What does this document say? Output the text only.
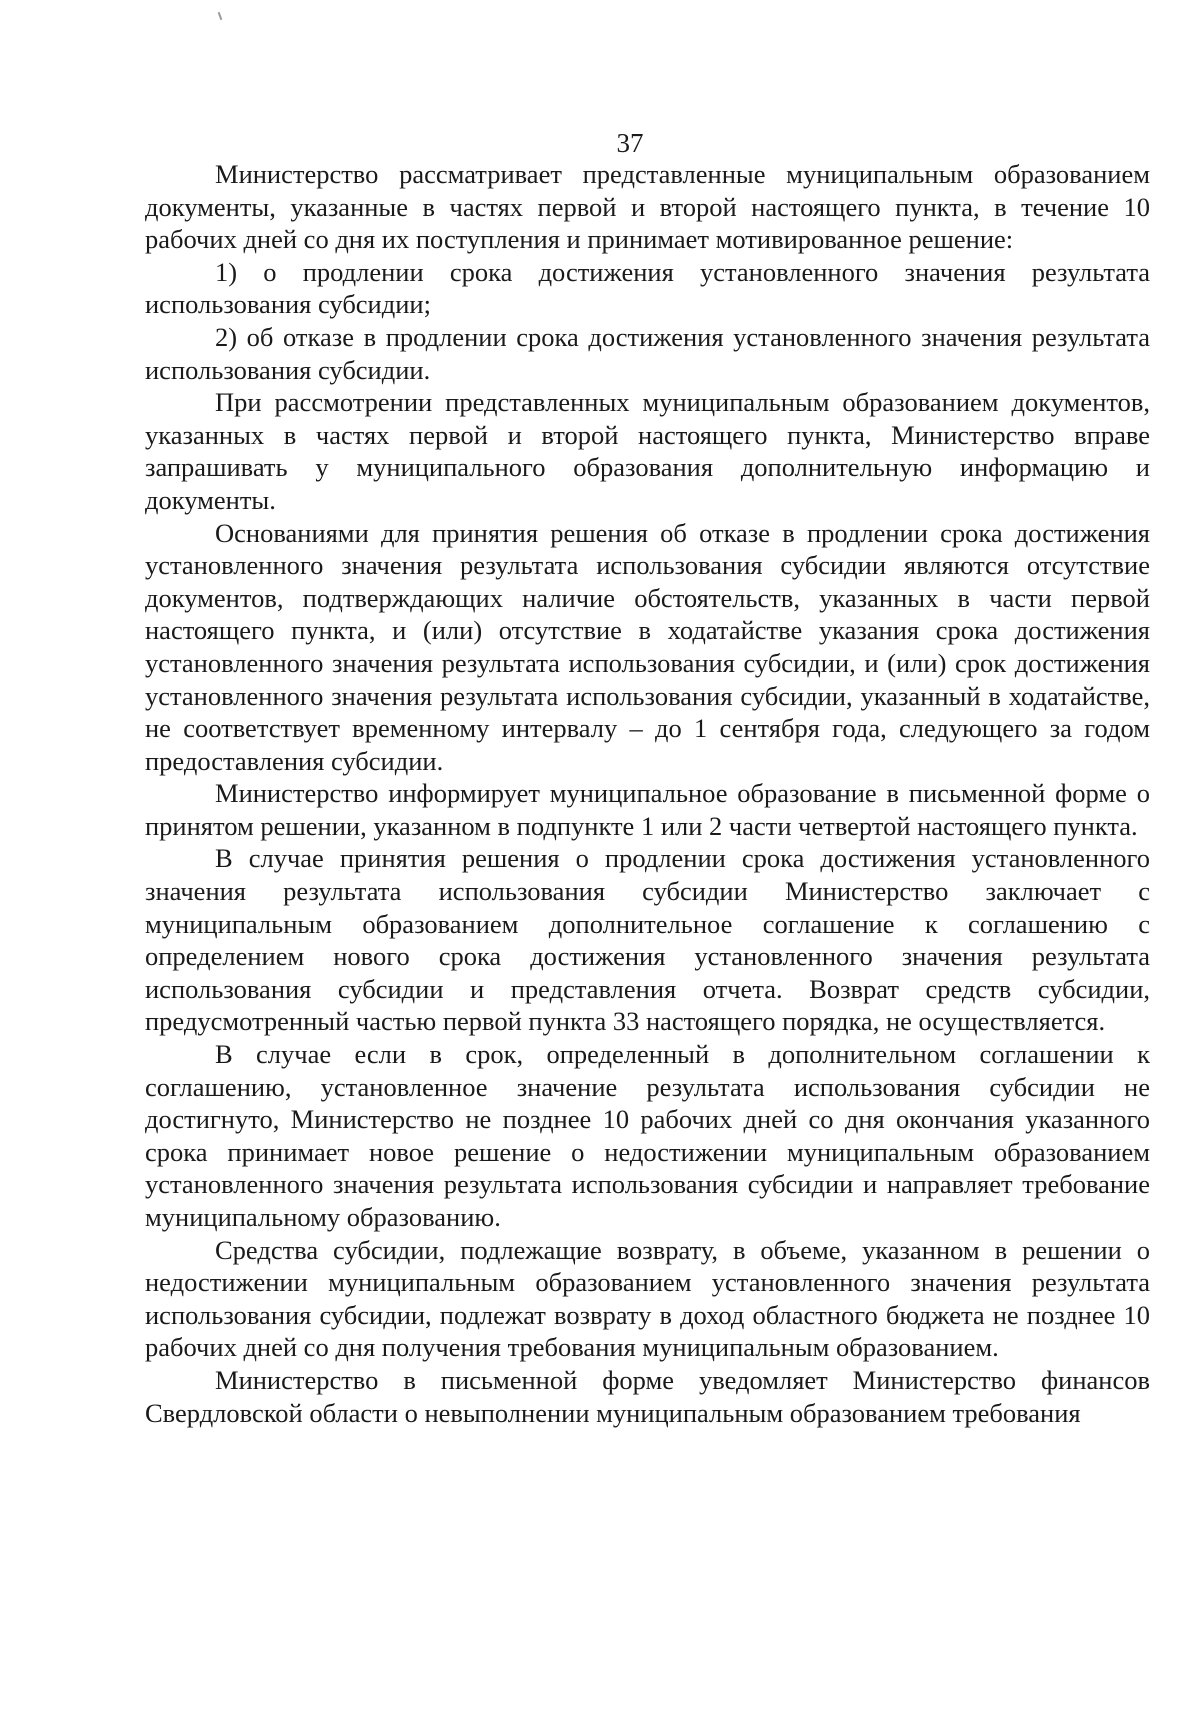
37

Министерство рассматривает представленные муниципальным образованием документы, указанные в частях первой и второй настоящего пункта, в течение 10 рабочих дней со дня их поступления и принимает мотивированное решение:

1) о продлении срока достижения установленного значения результата использования субсидии;

2) об отказе в продлении срока достижения установленного значения результата использования субсидии.

При рассмотрении представленных муниципальным образованием документов, указанных в частях первой и второй настоящего пункта, Министерство вправе запрашивать у муниципального образования дополнительную информацию и документы.

Основаниями для принятия решения об отказе в продлении срока достижения установленного значения результата использования субсидии являются отсутствие документов, подтверждающих наличие обстоятельств, указанных в части первой настоящего пункта, и (или) отсутствие в ходатайстве указания срока достижения установленного значения результата использования субсидии, и (или) срок достижения установленного значения результата использования субсидии, указанный в ходатайстве, не соответствует временному интервалу – до 1 сентября года, следующего за годом предоставления субсидии.

Министерство информирует муниципальное образование в письменной форме о принятом решении, указанном в подпункте 1 или 2 части четвертой настоящего пункта.

В случае принятия решения о продлении срока достижения установленного значения результата использования субсидии Министерство заключает с муниципальным образованием дополнительное соглашение к соглашению с определением нового срока достижения установленного значения результата использования субсидии и представления отчета. Возврат средств субсидии, предусмотренный частью первой пункта 33 настоящего порядка, не осуществляется.

В случае если в срок, определенный в дополнительном соглашении к соглашению, установленное значение результата использования субсидии не достигнуто, Министерство не позднее 10 рабочих дней со дня окончания указанного срока принимает новое решение о недостижении муниципальным образованием установленного значения результата использования субсидии и направляет требование муниципальному образованию.

Средства субсидии, подлежащие возврату, в объеме, указанном в решении о недостижении муниципальным образованием установленного значения результата использования субсидии, подлежат возврату в доход областного бюджета не позднее 10 рабочих дней со дня получения требования муниципальным образованием.

Министерство в письменной форме уведомляет Министерство финансов Свердловской области о невыполнении муниципальным образованием требования
